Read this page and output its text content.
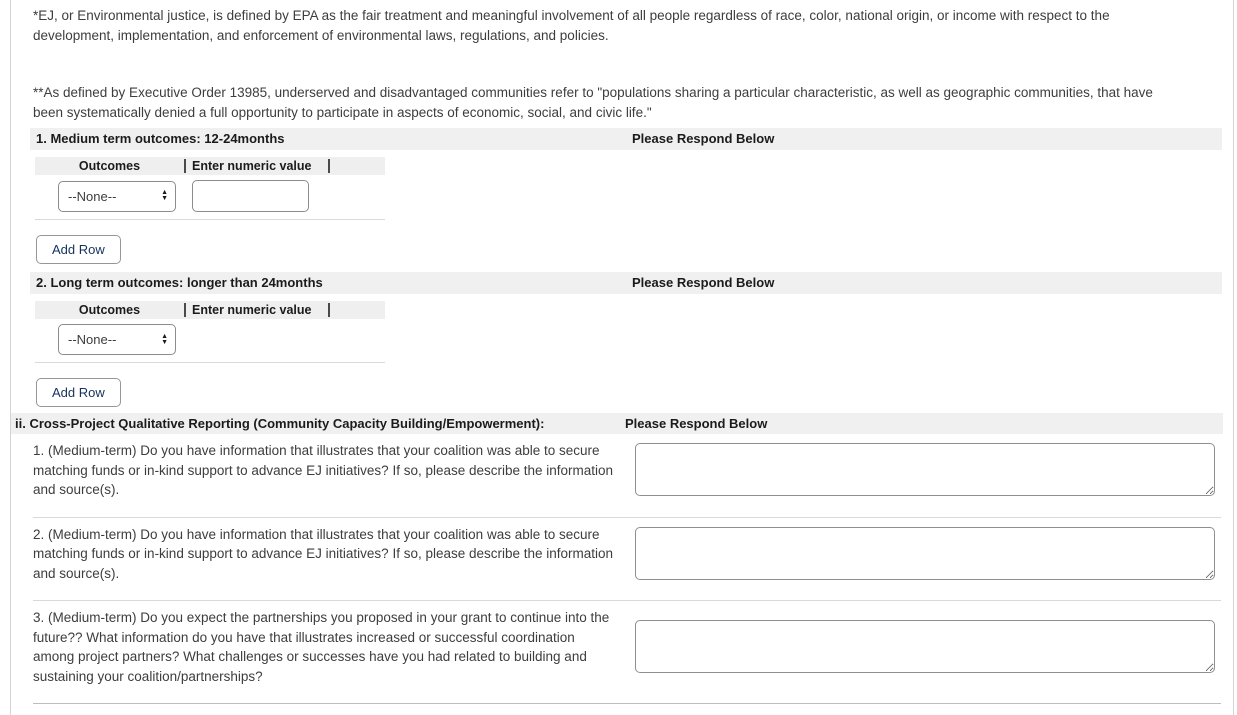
*EJ, or Environmental justice, is defined by EPA as the fair treatment and meaningful involvement of all people regardless of race, color, national origin, or income with respect to the development, implementation, and enforcement of environmental laws, regulations, and policies.

**As defined by Executive Order 13985, underserved and disadvantaged communities refer to "populations sharing a particular characteristic, as well as geographic communities, that have been systematically denied a full opportunity to participate in aspects of economic, social, and civic life."

1. Medium term outcomes: 12-24months	Please Respond Below
Outcomes	Enter numeric value
--None--	▲
▼
Add Row
2. Long term outcomes: longer than 24months	Please Respond Below
Outcomes	Enter numeric value
--None--	▲
▼
Add Row
ii. Cross-Project Qualitative Reporting (Community Capacity Building/Empowerment):	Please Respond Below
1. (Medium-term) Do you have information that illustrates that your coalition was able to secure matching funds or in-kind support to advance EJ initiatives? If so, please describe the information and source(s).
2. (Medium-term) Do you have information that illustrates that your coalition was able to secure matching funds or in-kind support to advance EJ initiatives? If so, please describe the information and source(s).
3. (Medium-term) Do you expect the partnerships you proposed in your grant to continue into the future?? What information do you have that illustrates increased or successful coordination among project partners? What challenges or successes have you had related to building and sustaining your coalition/partnerships?
